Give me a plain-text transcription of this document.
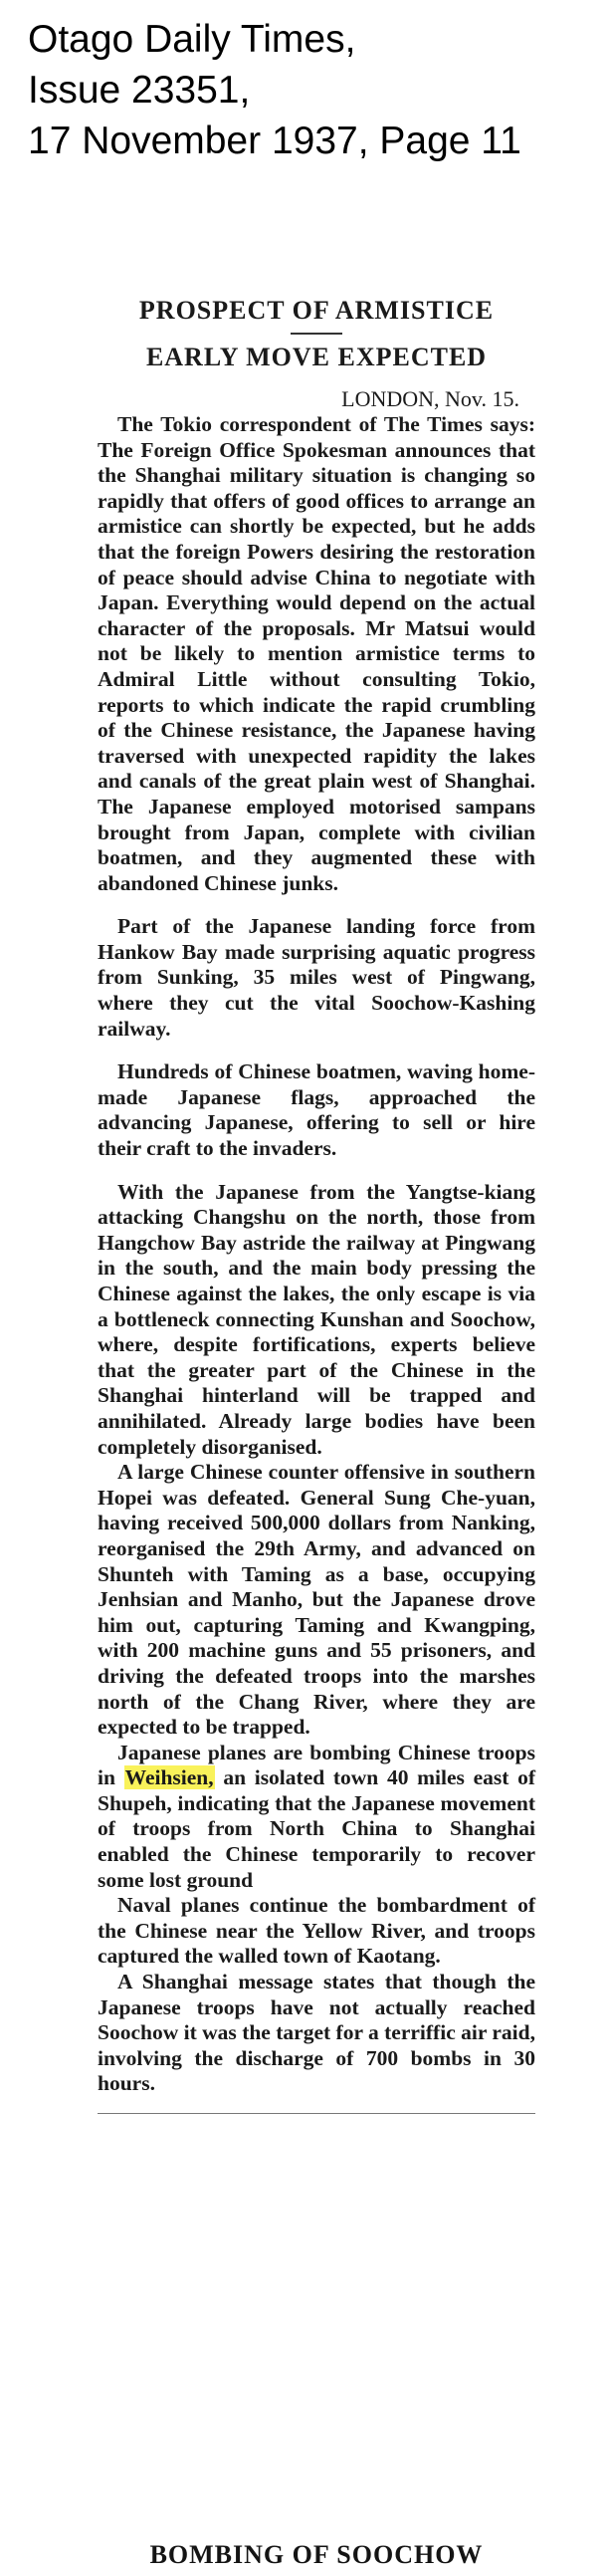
Otago Daily Times,
Issue 23351,
17 November 1937, Page 11
PROSPECT OF ARMISTICE
EARLY MOVE EXPECTED

LONDON, Nov. 15.

The Tokio correspondent of The Times says: The Foreign Office Spokesman announces that the Shanghai military situation is changing so rapidly that offers of good offices to arrange an armistice can shortly be expected, but he adds that the foreign Powers desiring the restoration of peace should advise China to negotiate with Japan. Everything would depend on the actual character of the proposals. Mr Matsui would not be likely to mention armistice terms to Admiral Little without consulting Tokio, reports to which indicate the rapid crumbling of the Chinese resistance, the Japanese having traversed with unexpected rapidity the lakes and canals of the great plain west of Shanghai. The Japanese employed motorised sampans brought from Japan, complete with civilian boatmen, and they augmented these with abandoned Chinese junks.

Part of the Japanese landing force from Hankow Bay made surprising aquatic progress from Sunking, 35 miles west of Pingwang, where they cut the vital Soochow-Kashing railway.

Hundreds of Chinese boatmen, waving home-made Japanese flags, approached the advancing Japanese, offering to sell or hire their craft to the invaders.

With the Japanese from the Yangtse-kiang attacking Changshu on the north, those from Hangchow Bay astride the railway at Pingwang in the south, and the main body pressing the Chinese against the lakes, the only escape is via a bottleneck connecting Kunshan and Soochow, where, despite fortifications, experts believe that the greater part of the Chinese in the Shanghai hinterland will be trapped and annihilated. Already large bodies have been completely disorganised.

A large Chinese counter offensive in southern Hopei was defeated. General Sung Che-yuan, having received 500,000 dollars from Nanking, reorganised the 29th Army, and advanced on Shunteh with Taming as a base, occupying Jenhsian and Manho, but the Japanese drove him out, capturing Taming and Kwangping, with 200 machine guns and 55 prisoners, and driving the defeated troops into the marshes north of the Chang River, where they are expected to be trapped.

Japanese planes are bombing Chinese troops in Weihsien, an isolated town 40 miles east of Shupeh, indicating that the Japanese movement of troops from North China to Shanghai enabled the Chinese temporarily to recover some lost ground

Naval planes continue the bombardment of the Chinese near the Yellow River, and troops captured the walled town of Kaotang.

A Shanghai message states that though the Japanese troops have not actually reached Soochow it was the target for a terriffic air raid, involving the discharge of 700 bombs in 30 hours.

BOMBING OF SOOCHOW
